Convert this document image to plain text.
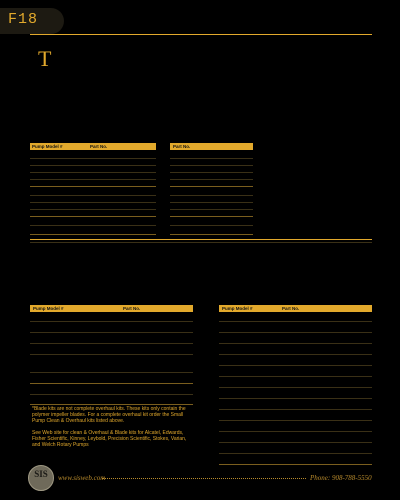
F18
T
Pump Model #	Part No.	Part No.
Pump Model #	Part No.	Pump Model #	Part No.

*Blade kits are not complete overhaul kits. These kits only contain the polymer impeller blades. For a complete overhaul kit order the Small Pump Clean & Overhaul kits listed above.

See Web site for clean & Overhaul & Blade kits for Alcatel, Edwards, Fisher Scientific, Kinney, Leybold, Precision Scientific, Stokes, Varian, and Welch Rotary Pumps

SIS	www.sisweb.com	Phone: 908-788-5550
